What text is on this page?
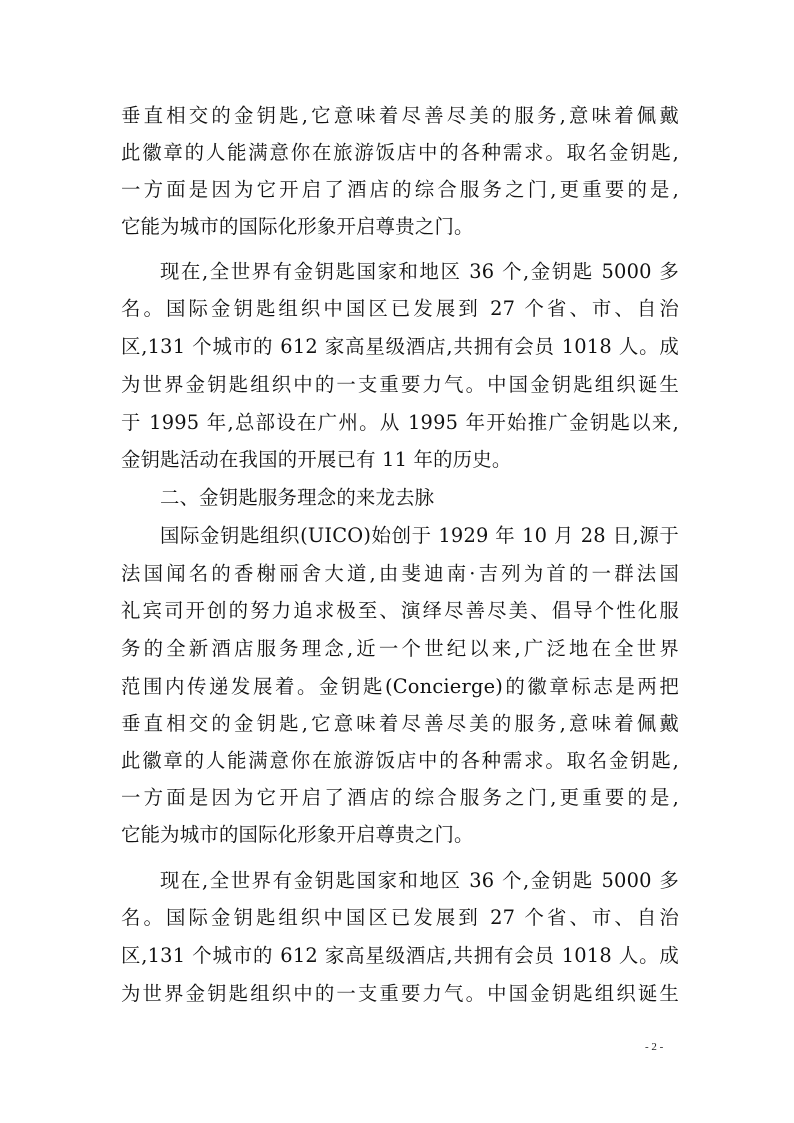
垂直相交的金钥匙,它意味着尽善尽美的服务,意味着佩戴
此徽章的人能满意你在旅游饭店中的各种需求。取名金钥匙,
一方面是因为它开启了酒店的综合服务之门,更重要的是,
它能为城市的国际化形象开启尊贵之门。
现在,全世界有金钥匙国家和地区 36 个,金钥匙 5000 多
名。国际金钥匙组织中国区已发展到 27 个省、市、自治
区,131 个城市的 612 家高星级酒店,共拥有会员 1018 人。成
为世界金钥匙组织中的一支重要力气。中国金钥匙组织诞生
于 1995 年,总部设在广州。从 1995 年开始推广金钥匙以来,
金钥匙活动在我国的开展已有 11 年的历史。
二、金钥匙服务理念的来龙去脉
国际金钥匙组织(UICO)始创于 1929 年 10 月 28 日,源于
法国闻名的香榭丽舍大道,由斐迪南·吉列为首的一群法国
礼宾司开创的努力追求极至、演绎尽善尽美、倡导个性化服
务的全新酒店服务理念,近一个世纪以来,广泛地在全世界
范围内传递发展着。金钥匙(Concierge)的徽章标志是两把
垂直相交的金钥匙,它意味着尽善尽美的服务,意味着佩戴
此徽章的人能满意你在旅游饭店中的各种需求。取名金钥匙,
一方面是因为它开启了酒店的综合服务之门,更重要的是,
它能为城市的国际化形象开启尊贵之门。
现在,全世界有金钥匙国家和地区 36 个,金钥匙 5000 多
名。国际金钥匙组织中国区已发展到 27 个省、市、自治
区,131 个城市的 612 家高星级酒店,共拥有会员 1018 人。成
为世界金钥匙组织中的一支重要力气。中国金钥匙组织诞生
- 2 -
